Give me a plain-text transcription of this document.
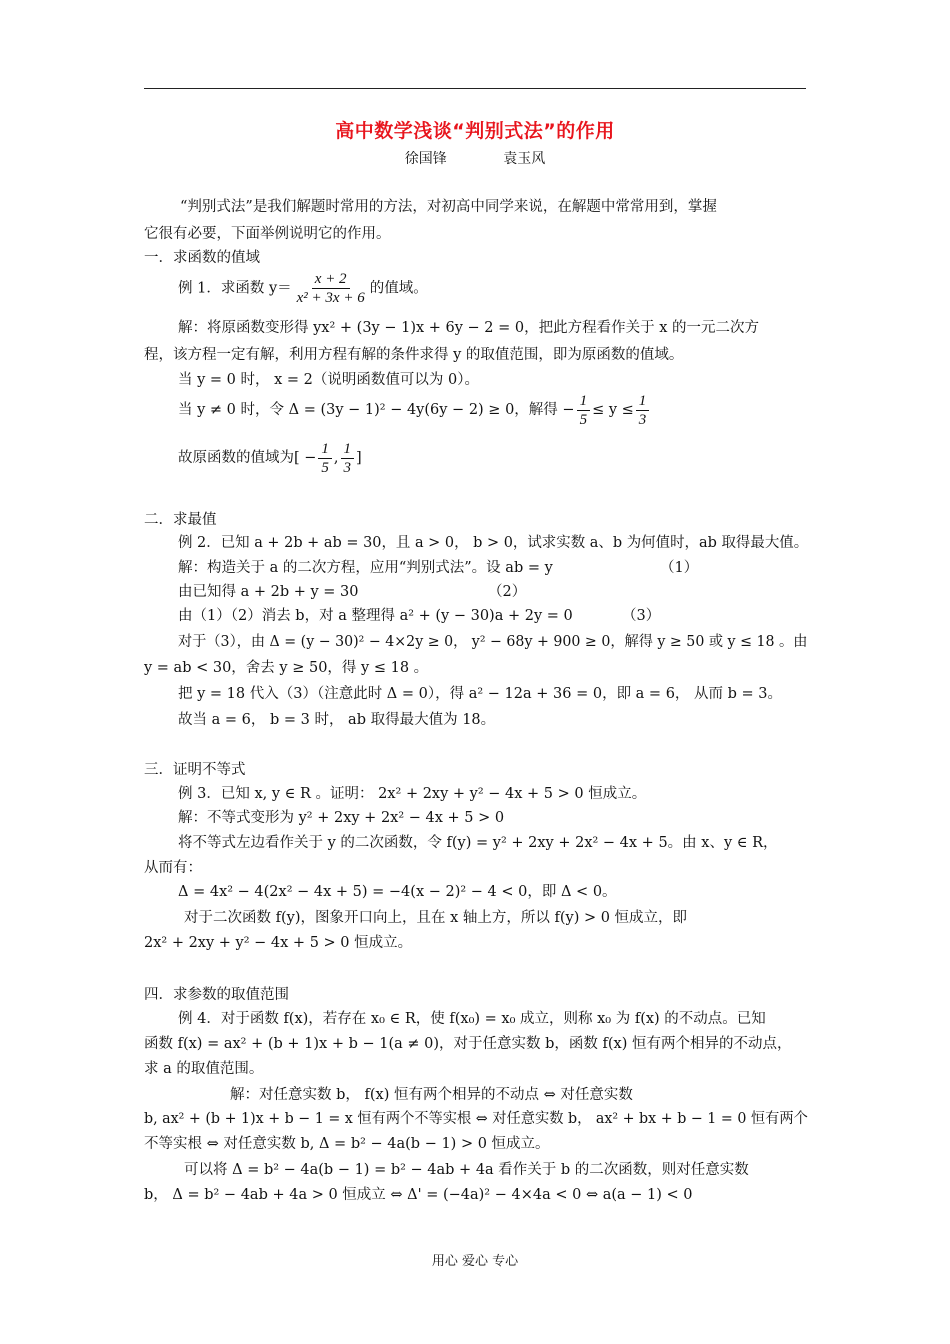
高中数学浅谈“判别式法”的作用
徐国锋	袁玉风
“判别式法”是我们解题时常用的方法，对初高中同学来说，在解题中常常用到，掌握
它很有必要，下面举例说明它的作用。
一．求函数的值域
例 1．求函数 $y= \frac{x + 2}{\text{x² + 3x + 6}}$ 的值域。
解：将原函数变形得 yx² + (3y − 1)x + 6y − 2 = 0，把此方程看作关于 x 的一元二次方
程，该方程一定有解，利用方程有解的条件求得 y 的取值范围，即为原函数的值域。
当 y = 0 时， x = 2（说明函数值可以为 0）。
当 y ≠ 0 时，令 Δ = (3y − 1)² − 4y(6y − 2) ≥ 0，解得 − $\frac{1}{5} \le y \le \frac{1}{3}$
故原函数的值域为[ − $\frac{1}{5}$ , $\frac{1}{3}$ ]
二．求最值
例 2．已知 a + 2b + ab = 30，且 a > 0， b > 0，试求实数 a、b 为何值时，ab 取得最大值。
解：构造关于 a 的二次方程，应用“判别式法”。设 ab = y	（1）
由已知得 a + 2b + y = 30	（2）
由（1）（2）消去 b，对 a 整理得 a² + (y − 30)a + 2y = 0	（3）
对于（3），由 Δ = (y − 30)² − 4×2y ≥ 0， y² − 68y + 900 ≥ 0，解得 y ≥ 50 或 y ≤ 18 。由
y = ab < 30，舍去 y ≥ 50，得 y ≤ 18 。
把 y = 18 代入（3）（注意此时 Δ = 0），得 a² − 12a + 36 = 0，即 a = 6， 从而 b = 3。
故当 a = 6， b = 3 时， ab 取得最大值为 18。
三．证明不等式
例 3．已知 x, y ∈ R 。证明： 2x² + 2xy + y² − 4x + 5 > 0 恒成立。
解：不等式变形为 y² + 2xy + 2x² − 4x + 5 > 0
将不等式左边看作关于 y 的二次函数，令 f(y) = y² + 2xy + 2x² − 4x + 5。由 x、y ∈ R，
从而有：
Δ = 4x² − 4(2x² − 4x + 5) = −4(x − 2)² − 4 < 0，即 Δ < 0。
对于二次函数 f(y)，图象开口向上，且在 x 轴上方，所以 f(y) > 0 恒成立，即
2x² + 2xy + y² − 4x + 5 > 0 恒成立。
四．求参数的取值范围
例 4．对于函数 f(x)，若存在 x₀ ∈ R，使 f(x₀) = x₀ 成立，则称 x₀ 为 f(x) 的不动点。已知
函数 f(x) = ax² + (b + 1)x + b − 1(a ≠ 0)，对于任意实数 b，函数 f(x) 恒有两个相异的不动点，
求 a 的取值范围。
解：对任意实数 b， f(x) 恒有两个相异的不动点 ⇔ 对任意实数
b, ax² + (b + 1)x + b − 1 = x 恒有两个不等实根 ⇔ 对任意实数 b， ax² + bx + b − 1 = 0 恒有两个
不等实根 ⇔ 对任意实数 b, Δ = b² − 4a(b − 1) > 0 恒成立。
可以将 Δ = b² − 4a(b − 1) = b² − 4ab + 4a 看作关于 b 的二次函数，则对任意实数
b， Δ = b² − 4ab + 4a > 0 恒成立 ⇔ Δ' = (−4a)² − 4×4a < 0 ⇔ a(a − 1) < 0
用心 爱心 专心
